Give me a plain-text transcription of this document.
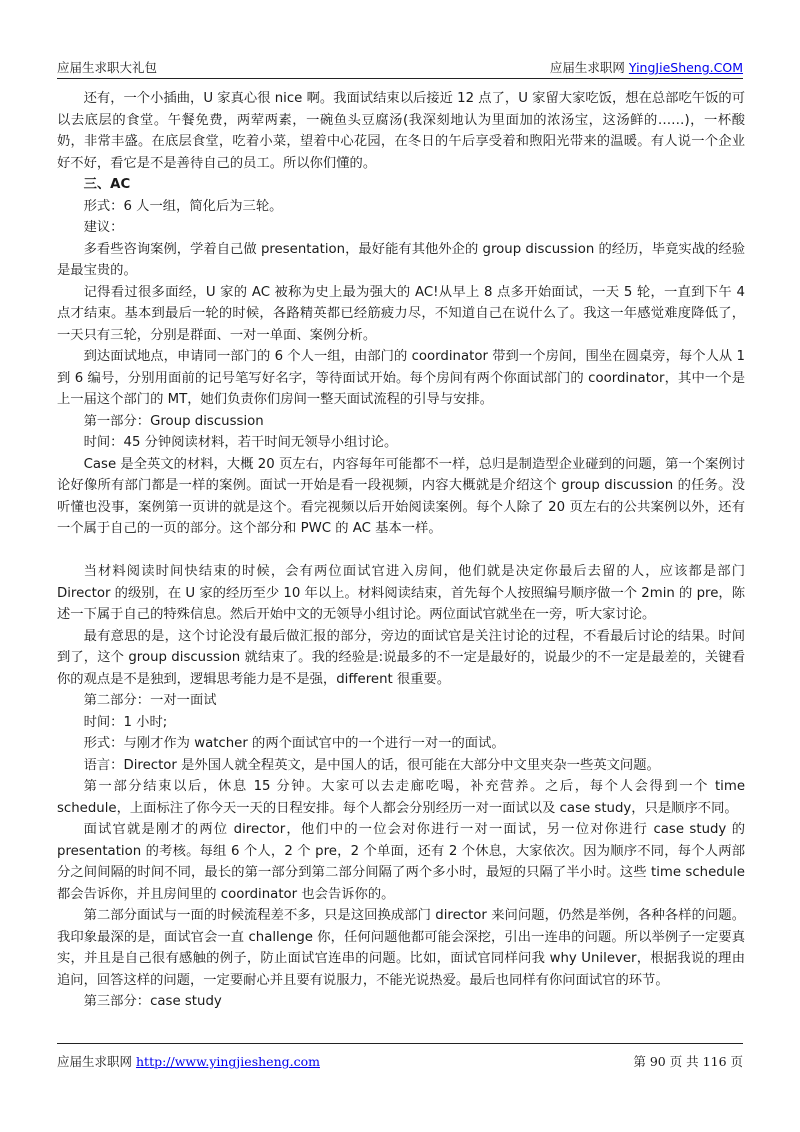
应届生求职大礼包	应届生求职网 YingJieSheng.COM

还有，一个小插曲，U 家真心很 nice 啊。我面试结束以后接近 12 点了，U 家留大家吃饭，想在总部吃午饭的可以去底层的食堂。午餐免费，两荤两素，一碗鱼头豆腐汤(我深刻地认为里面加的浓汤宝，这汤鲜的……)，一杯酸奶，非常丰盛。在底层食堂，吃着小菜，望着中心花园，在冬日的午后享受着和煦阳光带来的温暖。有人说一个企业好不好，看它是不是善待自己的员工。所以你们懂的。

三、AC

形式：6 人一组，简化后为三轮。

建议：

多看些咨询案例，学着自己做 presentation，最好能有其他外企的 group discussion 的经历，毕竟实战的经验是最宝贵的。

记得看过很多面经，U 家的 AC 被称为史上最为强大的 AC!从早上 8 点多开始面试，一天 5 轮，一直到下午 4 点才结束。基本到最后一轮的时候，各路精英都已经筋疲力尽，不知道自己在说什么了。我这一年感觉难度降低了，一天只有三轮，分别是群面、一对一单面、案例分析。

到达面试地点，申请同一部门的 6 个人一组，由部门的 coordinator 带到一个房间，围坐在圆桌旁，每个人从 1 到 6 编号，分别用面前的记号笔写好名字，等待面试开始。每个房间有两个你面试部门的 coordinator，其中一个是上一届这个部门的 MT，她们负责你们房间一整天面试流程的引导与安排。

第一部分：Group discussion

时间：45 分钟阅读材料，若干时间无领导小组讨论。

Case 是全英文的材料，大概 20 页左右，内容每年可能都不一样，总归是制造型企业碰到的问题，第一个案例讨论好像所有部门都是一样的案例。面试一开始是看一段视频，内容大概就是介绍这个 group discussion 的任务。没听懂也没事，案例第一页讲的就是这个。看完视频以后开始阅读案例。每个人除了 20 页左右的公共案例以外，还有一个属于自己的一页的部分。这个部分和 PWC 的 AC 基本一样。

当材料阅读时间快结束的时候，会有两位面试官进入房间，他们就是决定你最后去留的人，应该都是部门 Director 的级别，在 U 家的经历至少 10 年以上。材料阅读结束，首先每个人按照编号顺序做一个 2min 的 pre，陈述一下属于自己的特殊信息。然后开始中文的无领导小组讨论。两位面试官就坐在一旁，听大家讨论。

最有意思的是，这个讨论没有最后做汇报的部分，旁边的面试官是关注讨论的过程，不看最后讨论的结果。时间到了，这个 group discussion 就结束了。我的经验是:说最多的不一定是最好的，说最少的不一定是最差的，关键看你的观点是不是独到，逻辑思考能力是不是强，different 很重要。

第二部分：一对一面试

时间：1 小时;

形式：与刚才作为 watcher 的两个面试官中的一个进行一对一的面试。

语言：Director 是外国人就全程英文，是中国人的话，很可能在大部分中文里夹杂一些英文问题。

第一部分结束以后，休息 15 分钟。大家可以去走廊吃喝，补充营养。之后，每个人会得到一个 time schedule，上面标注了你今天一天的日程安排。每个人都会分别经历一对一面试以及 case study，只是顺序不同。

面试官就是刚才的两位 director，他们中的一位会对你进行一对一面试，另一位对你进行 case study 的 presentation 的考核。每组 6 个人，2 个 pre，2 个单面，还有 2 个休息，大家依次。因为顺序不同，每个人两部分之间间隔的时间不同，最长的第一部分到第二部分间隔了两个多小时，最短的只隔了半小时。这些 time schedule 都会告诉你，并且房间里的 coordinator 也会告诉你的。

第二部分面试与一面的时候流程差不多，只是这回换成部门 director 来问问题，仍然是举例，各种各样的问题。我印象最深的是，面试官会一直 challenge 你，任何问题他都可能会深挖，引出一连串的问题。所以举例子一定要真实，并且是自己很有感触的例子，防止面试官连串的问题。比如，面试官同样问我 why Unilever，根据我说的理由追问，回答这样的问题，一定要耐心并且要有说服力，不能光说热爱。最后也同样有你问面试官的环节。

第三部分：case study

应届生求职网 http://www.yingjiesheng.com	第 90 页 共 116 页
